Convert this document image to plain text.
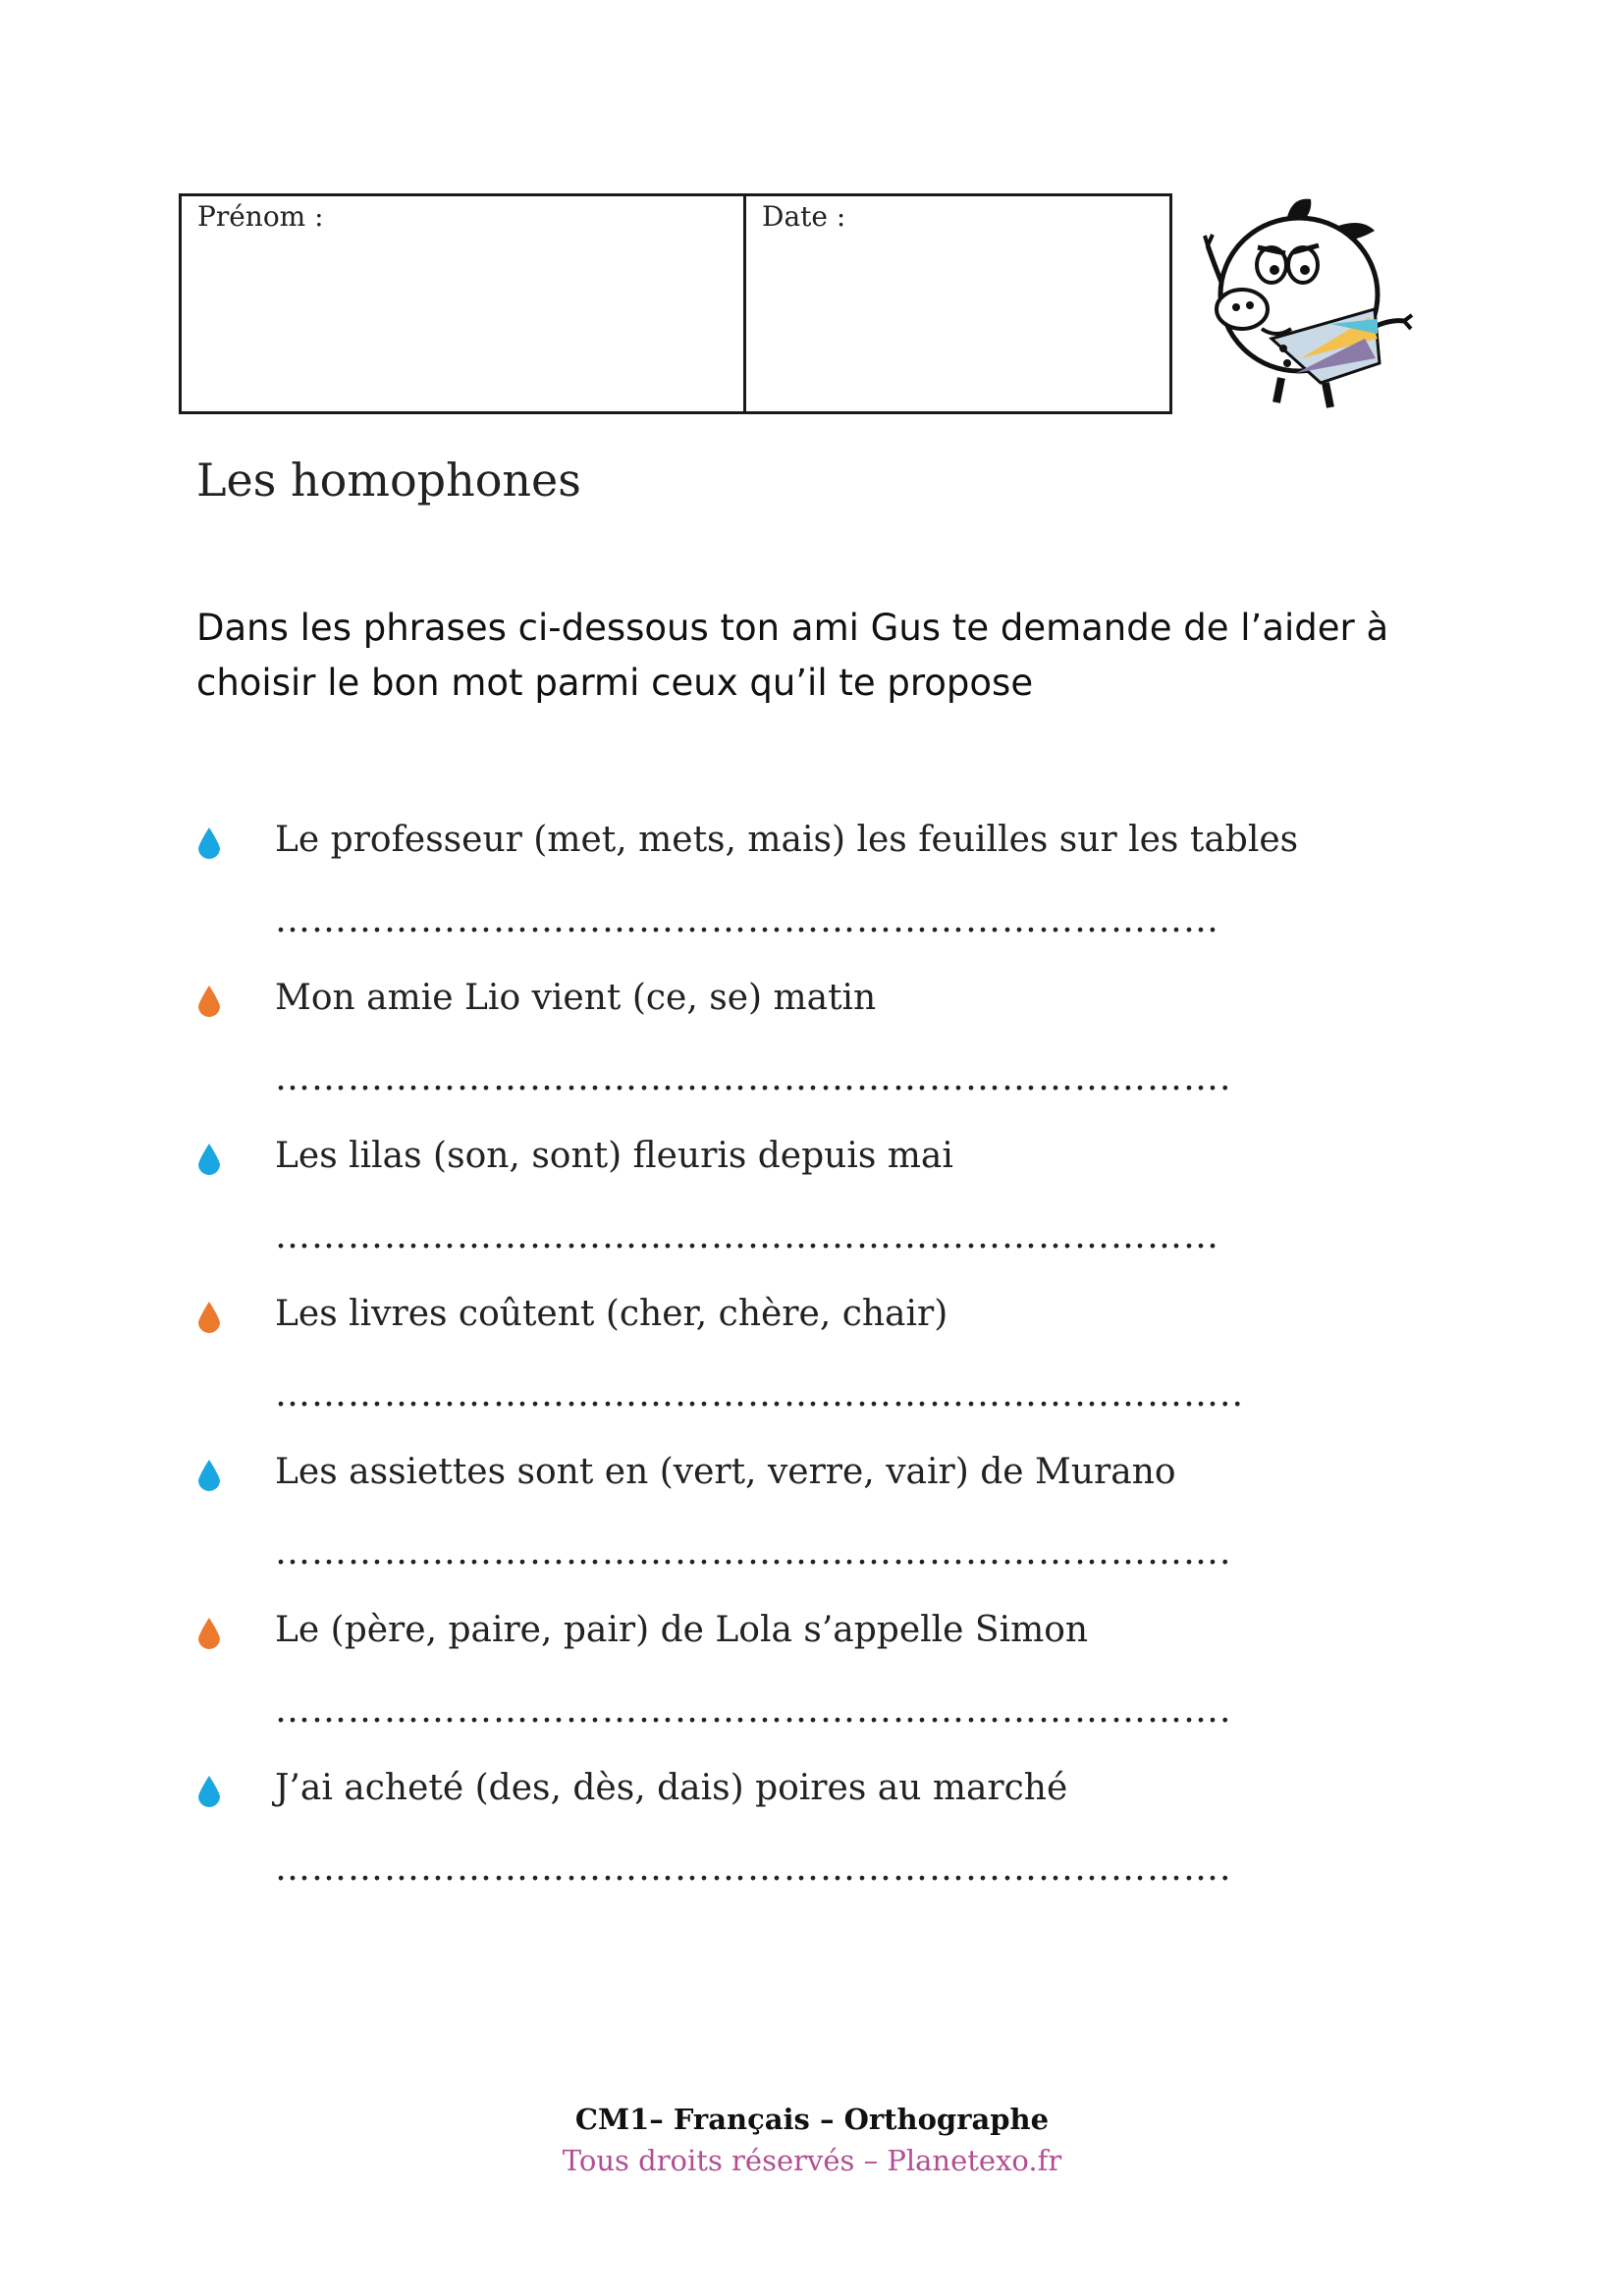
Prénom :	Date :
Les homophones
Dans les phrases ci-dessous ton ami Gus te demande de l’aider à choisir le bon mot parmi ceux qu’il te propose
Le professeur (met, mets, mais) les feuilles sur les tables
……………………………………………………………………
Mon amie Lio vient (ce, se) matin
…………………………………………………………………….
Les lilas (son, sont) fleuris depuis mai
……………………………………………………………………
Les livres coûtent (cher, chère, chair)
……………………………………………………………………..
Les assiettes sont en (vert, verre, vair) de Murano
…………………………………………………………………….
Le (père, paire, pair) de Lola s’appelle Simon
…………………………………………………………………….
J’ai acheté (des, dès, dais) poires au marché
…………………………………………………………………….
CM1– Français – Orthographe
Tous droits réservés – Planetexo.fr
